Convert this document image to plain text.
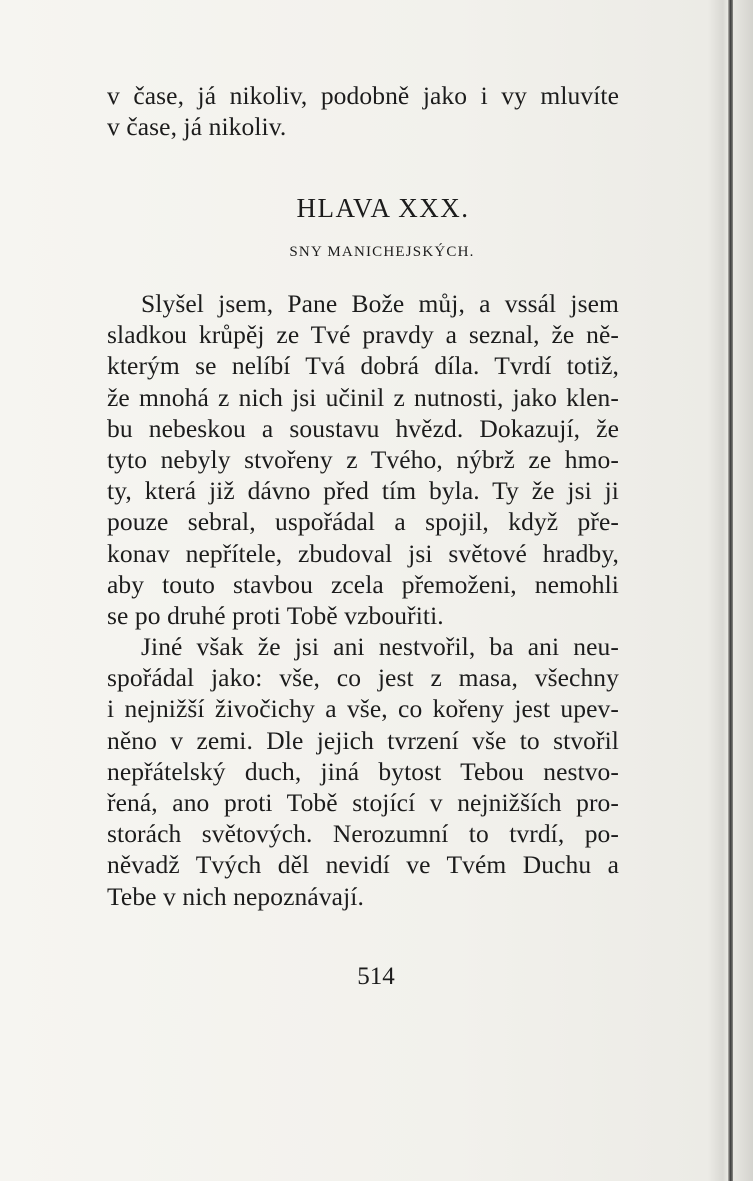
v čase, já nikoliv, podobně jako i vy mluvíte
v čase, já nikoliv.
HLAVA XXX.
SNY MANICHEJSKÝCH.
Slyšel jsem, Pane Bože můj, a vssál jsem
sladkou krůpěj ze Tvé pravdy a seznal, že ně-
kterým se nelíbí Tvá dobrá díla. Tvrdí totiž,
že mnohá z nich jsi učinil z nutnosti, jako klen-
bu nebeskou a soustavu hvězd. Dokazují, že
tyto nebyly stvořeny z Tvého, nýbrž ze hmo-
ty, která již dávno před tím byla. Ty že jsi ji
pouze sebral, uspořádal a spojil, když pře-
konav nepřítele, zbudoval jsi světové hradby,
aby touto stavbou zcela přemoženi, nemohli
se po druhé proti Tobě vzbouřiti.
Jiné však že jsi ani nestvořil, ba ani neu-
spořádal jako: vše, co jest z masa, všechny
i nejnižší živočichy a vše, co kořeny jest upev-
něno v zemi. Dle jejich tvrzení vše to stvořil
nepřátelský duch, jiná bytost Tebou nestvo-
řená, ano proti Tobě stojící v nejnižších pro-
storách světových. Nerozumní to tvrdí, po-
něvadž Tvých děl nevidí ve Tvém Duchu a
Tebe v nich nepoznávají.
514
